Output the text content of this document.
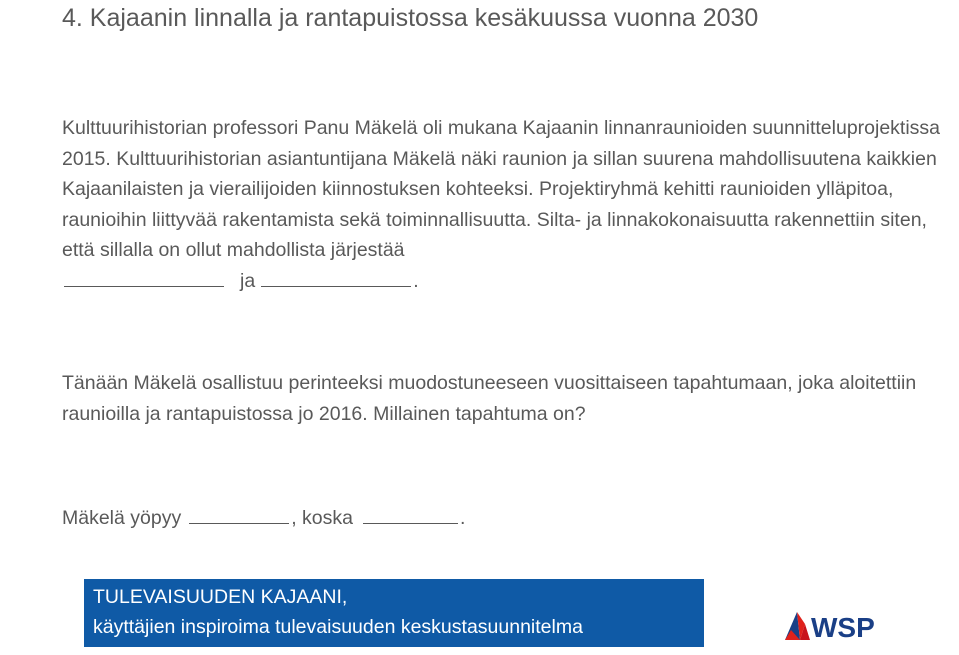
4. Kajaanin linnalla ja rantapuistossa kesäkuussa vuonna 2030

Kulttuurihistorian professori Panu Mäkelä oli mukana Kajaanin linnanraunioiden suunnitteluprojektissa 2015. Kulttuurihistorian asiantuntijana Mäkelä näki raunion ja sillan suurena mahdollisuutena kaikkien Kajaanilaisten ja vierailijoiden kiinnostuksen kohteeksi. Projektiryhmä kehitti raunioiden ylläpitoa, raunioihin liittyvää rakentamista sekä toiminnallisuutta. Silta- ja linnakokonaisuutta rakennettiin siten, että sillalla on ollut mahdollista järjestää
ja	.

Tänään Mäkelä osallistuu perinteeksi muodostuneeseen vuosittaiseen tapahtumaan, joka aloitettiin raunioilla ja rantapuistossa jo 2016. Millainen tapahtuma on?

Mäkelä yöpyy	, koska	.

TULEVAISUUDEN KAJAANI,
käyttäjien inspiroima tulevaisuuden keskustasuunnitelma	WSP
